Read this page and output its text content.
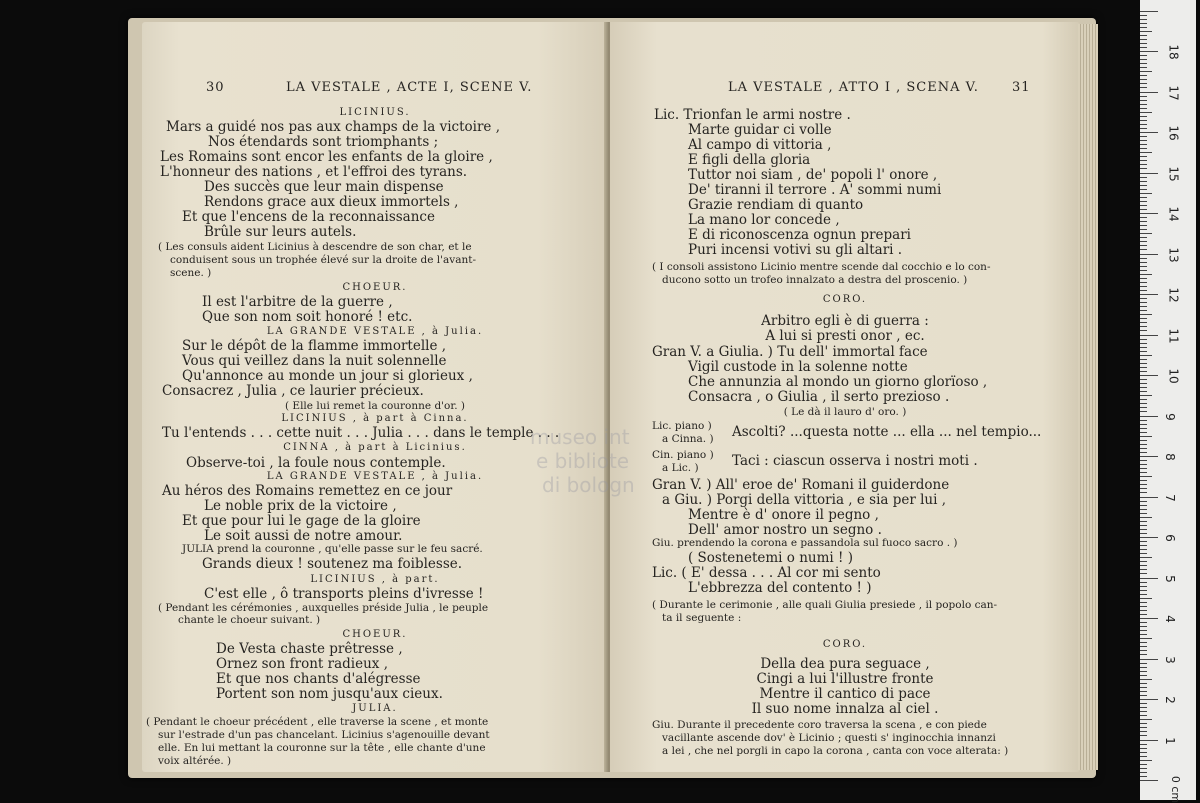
30	LA VESTALE , ACTE I, SCENE V.
LICINIUS.
Mars a guidé nos pas aux champs de la victoire ,
Nos étendards sont triomphants ;
Les Romains sont encor les enfants de la gloire ,
L'honneur des nations , et l'effroi des tyrans.
Des succès que leur main dispense
Rendons grace aux dieux immortels ,
Et que l'encens de la reconnaissance
Brûle sur leurs autels.
( Les consuls aident Licinius à descendre de son char, et le
conduisent sous un trophée élevé sur la droite de l'avant-
scene. )
CHOEUR.
Il est l'arbitre de la guerre ,
Que son nom soit honoré ! etc.
LA GRANDE VESTALE , à Julia.
Sur le dépôt de la flamme immortelle ,
Vous qui veillez dans la nuit solennelle
Qu'annonce au monde un jour si glorieux ,
Consacrez , Julia , ce laurier précieux.
( Elle lui remet la couronne d'or. )
LICINIUS , à part à Cinna.
Tu l'entends . . . cette nuit . . . Julia . . . dans le temple . . .
CINNA , à part à Licinius.
Observe-toi , la foule nous contemple.
LA GRANDE VESTALE , à Julia.
Au héros des Romains remettez en ce jour
Le noble prix de la victoire ,
Et que pour lui le gage de la gloire
Le soit aussi de notre amour.
JULIA prend la couronne , qu'elle passe sur le feu sacré.
Grands dieux ! soutenez ma foiblesse.
LICINIUS , à part.
C'est elle , ô transports pleins d'ivresse !
( Pendant les cérémonies , auxquelles préside Julia , le peuple
chante le choeur suivant. )
CHOEUR.
De Vesta chaste prêtresse ,
Ornez son front radieux ,
Et que nos chants d'alégresse
Portent son nom jusqu'aux cieux.
JULIA.
( Pendant le choeur précédent , elle traverse la scene , et monte
sur l'estrade d'un pas chancelant. Licinius s'agenouille devant
elle. En lui mettant la couronne sur la tête , elle chante d'une
voix altérée. )
LA VESTALE , ATTO I , SCENA V.	31
Lic. Trionfan le armi nostre .
Marte guidar ci volle
Al campo di vittoria ,
E figli della gloria
Tuttor noi siam , de' popoli l' onore ,
De' tiranni il terrore . A' sommi numi
Grazie rendiam di quanto
La mano lor concede ,
E di riconoscenza ognun prepari
Puri incensi votivi su gli altari .
( I consoli assistono Licinio mentre scende dal cocchio e lo con-
ducono sotto un trofeo innalzato a destra del proscenio. )
CORO.
Arbitro egli è di guerra :
A lui si presti onor , ec.
Gran V. a Giulia. ) Tu dell' immortal face
Vigil custode in la solenne notte
Che annunzia al mondo un giorno glorïoso ,
Consacra , o Giulia , il serto prezioso .
( Le dà il lauro d' oro. )
Lic. piano )
a Cinna. ) Ascolti? ...questa notte ... ella ... nel tempio...
Cin. piano )
a Lic. ) Taci : ciascun osserva i nostri moti .
Gran V. ) All' eroe de' Romani il guiderdone
a Giu. ) Porgi della vittoria , e sia per lui ,
Mentre è d' onore il pegno ,
Dell' amor nostro un segno .
Giu. prendendo la corona e passandola sul fuoco sacro . )
( Sostenetemi o numi ! )
Lic. ( E' dessa . . . Al cor mi sento
L'ebbrezza del contento ! )
( Durante le cerimonie , alle quali Giulia presiede , il popolo can-
ta il seguente :
CORO.
Della dea pura seguace ,
Cingi a lui l'illustre fronte
Mentre il cantico di pace
Il suo nome innalza al ciel .
Giu. Durante il precedente coro traversa la scena , e con piede
vacillante ascende dov' è Licinio ; questi s' inginocchia innanzi
a lei , che nel porgli in capo la corona , canta con voce alterata: )
0 cm
1
2
3
4
5
6
7
8
9
10
11
12
13
14
15
16
17
18
museo int
e bibliote
di bologn
